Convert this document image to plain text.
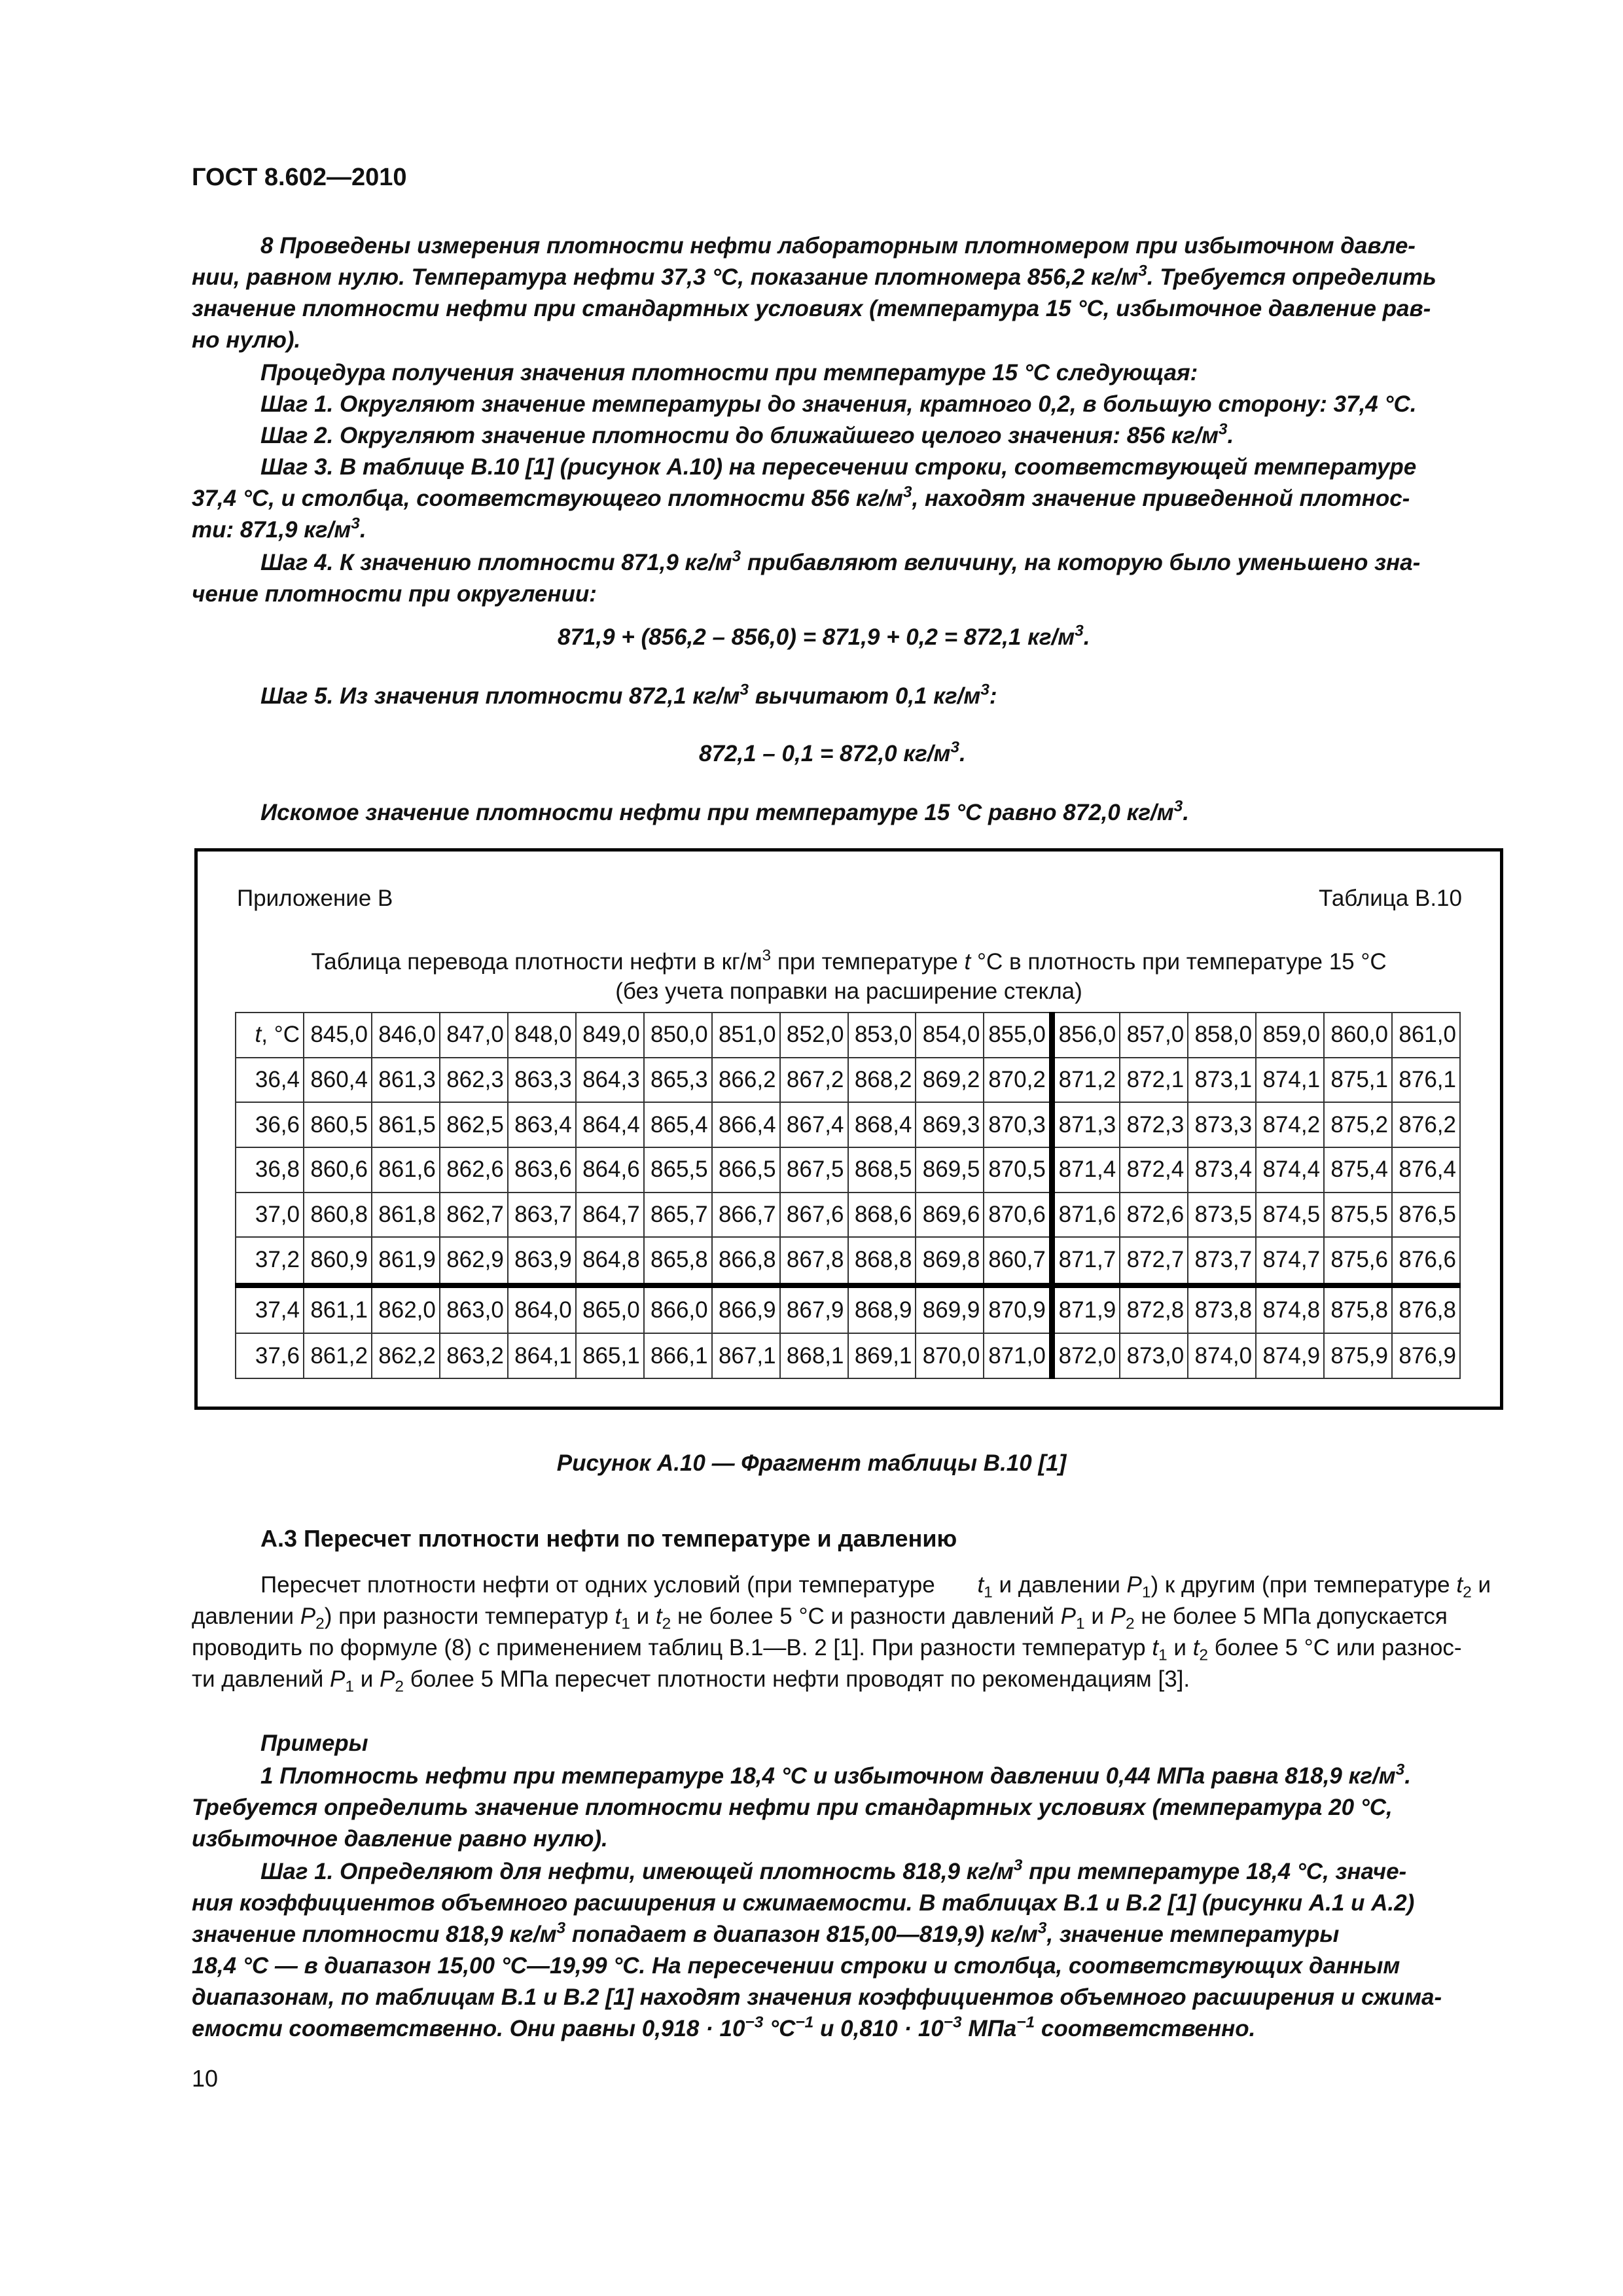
ГОСТ 8.602—2010
8 Проведены измерения плотности нефти лабораторным плотномером при избыточном давле-
нии, равном нулю. Температура нефти 37,3 °С, показание плотномера 856,2 $кг/м^3$. Требуется определить
значение плотности нефти при стандартных условиях (температура 15 °С, избыточное давление рав-
но нулю).
Процедура получения значения плотности при температуре 15 °С следующая:
Шаг 1. Округляют значение температуры до значения, кратного 0,2, в большую сторону: 37,4 °С.
Шаг 2. Округляют значение плотности до ближайшего целого значения: 856 $кг/м^3$.
Шаг 3. В таблице В.10 [1] (рисунок А.10) на пересечении строки, соответствующей температуре
37,4 °С, и столбца, соответствующего плотности 856 $кг/м^3$, находят значение приведенной плотнос-
ти: 871,9 $кг/м^3$.
Шаг 4. К значению плотности 871,9 $кг/м^3$ прибавляют величину, на которую было уменьшено зна-
чение плотности при округлении:
871,9 + (856,2 – 856,0) = 871,9 + 0,2 = 872,1 $кг/м^3$.
Шаг 5. Из значения плотности 872,1 $кг/м^3$ вычитают 0,1 $кг/м^3$:
872,1 – 0,1 = 872,0 $кг/м^3$.
Искомое значение плотности нефти при температуре 15 °С равно 872,0 $кг/м^3$.
Приложение В	Таблица В.10
Таблица перевода плотности нефти в $кг/м^3$ при температуре t °С в плотность при температуре 15 °С
(без учета поправки на расширение стекла)
t, °С	845,0	846,0	847,0	848,0	849,0	850,0	851,0	852,0	853,0	854,0	855,0	856,0	857,0	858,0	859,0	860,0	861,0
36,4	860,4	861,3	862,3	863,3	864,3	865,3	866,2	867,2	868,2	869,2	870,2	871,2	872,1	873,1	874,1	875,1	876,1
36,6	860,5	861,5	862,5	863,4	864,4	865,4	866,4	867,4	868,4	869,3	870,3	871,3	872,3	873,3	874,2	875,2	876,2
36,8	860,6	861,6	862,6	863,6	864,6	865,5	866,5	867,5	868,5	869,5	870,5	871,4	872,4	873,4	874,4	875,4	876,4
37,0	860,8	861,8	862,7	863,7	864,7	865,7	866,7	867,6	868,6	869,6	870,6	871,6	872,6	873,5	874,5	875,5	876,5
37,2	860,9	861,9	862,9	863,9	864,8	865,8	866,8	867,8	868,8	869,8	860,7	871,7	872,7	873,7	874,7	875,6	876,6
37,4	861,1	862,0	863,0	864,0	865,0	866,0	866,9	867,9	868,9	869,9	870,9	871,9	872,8	873,8	874,8	875,8	876,8
37,6	861,2	862,2	863,2	864,1	865,1	866,1	867,1	868,1	869,1	870,0	871,0	872,0	873,0	874,0	874,9	875,9	876,9
Рисунок А.10 — Фрагмент таблицы В.10 [1]
А.3 Пересчет плотности нефти по температуре и давлению
Пересчет плотности нефти от одних условий (при температуре $t_1$ и давлении $P_1$) к другим (при температуре $t_2$ и
давлении $P_2$) при разности температур $t_1$ и $t_2$ не более 5 °С и разности давлений $P_1$ и $P_2$ не более 5 МПа допускается
проводить по формуле (8) с применением таблиц В.1—В. 2 [1]. При разности температур $t_1$ и $t_2$ более 5 °С или разнос-
ти давлений $P_1$ и $P_2$ более 5 МПа пересчет плотности нефти проводят по рекомендациям [3].
Примеры
1 Плотность нефти при температуре 18,4 °С и избыточном давлении 0,44 МПа равна 818,9 $кг/м^3$.
Требуется определить значение плотности нефти при стандартных условиях (температура 20 °С,
избыточное давление равно нулю).
Шаг 1. Определяют для нефти, имеющей плотность 818,9 $кг/м^3$ при температуре 18,4 °С, значе-
ния коэффициентов объемного расширения и сжимаемости. В таблицах В.1 и В.2 [1] (рисунки А.1 и А.2)
значение плотности 818,9 $кг/м^3$ попадает в диапазон 815,00—819,9) $кг/м^3$, значение температуры
18,4 °С — в диапазон 15,00 °С—19,99 °С. На пересечении строки и столбца, соответствующих данным
диапазонам, по таблицам В.1 и В.2 [1] находят значения коэффициентов объемного расширения и сжима-
емости соответственно. Они равны $0,918 \cdot 10^{-3}$ $^\circ С^{-1}$ и $0,810 \cdot 10^{-3}$ МПа$^{-1}$ соответственно.
10
